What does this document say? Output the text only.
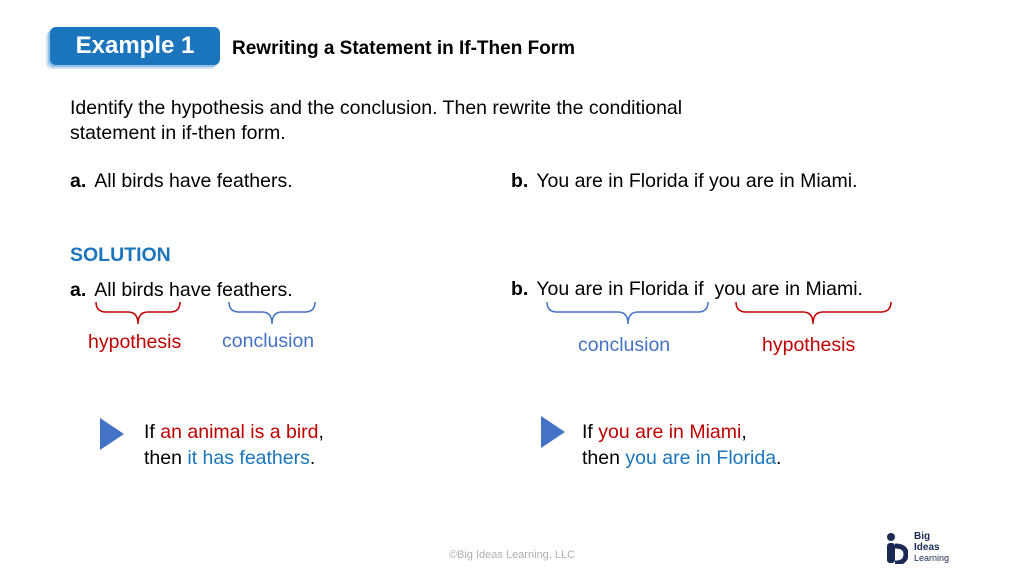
Example 1	Rewriting a Statement in If-Then Form
Identify the hypothesis and the conclusion. Then rewrite the conditional statement in if-then form.
a. All birds have feathers.	b. You are in Florida if you are in Miami.
SOLUTION
a. All birds have feathers.	b. You are in Florida if you are in Miami.
hypothesis conclusion	conclusion	hypothesis
If an animal is a bird,
then it has feathers.
If you are in Miami,
then you are in Florida.
©Big Ideas Learning, LLC
Big
Ideas
Learning
